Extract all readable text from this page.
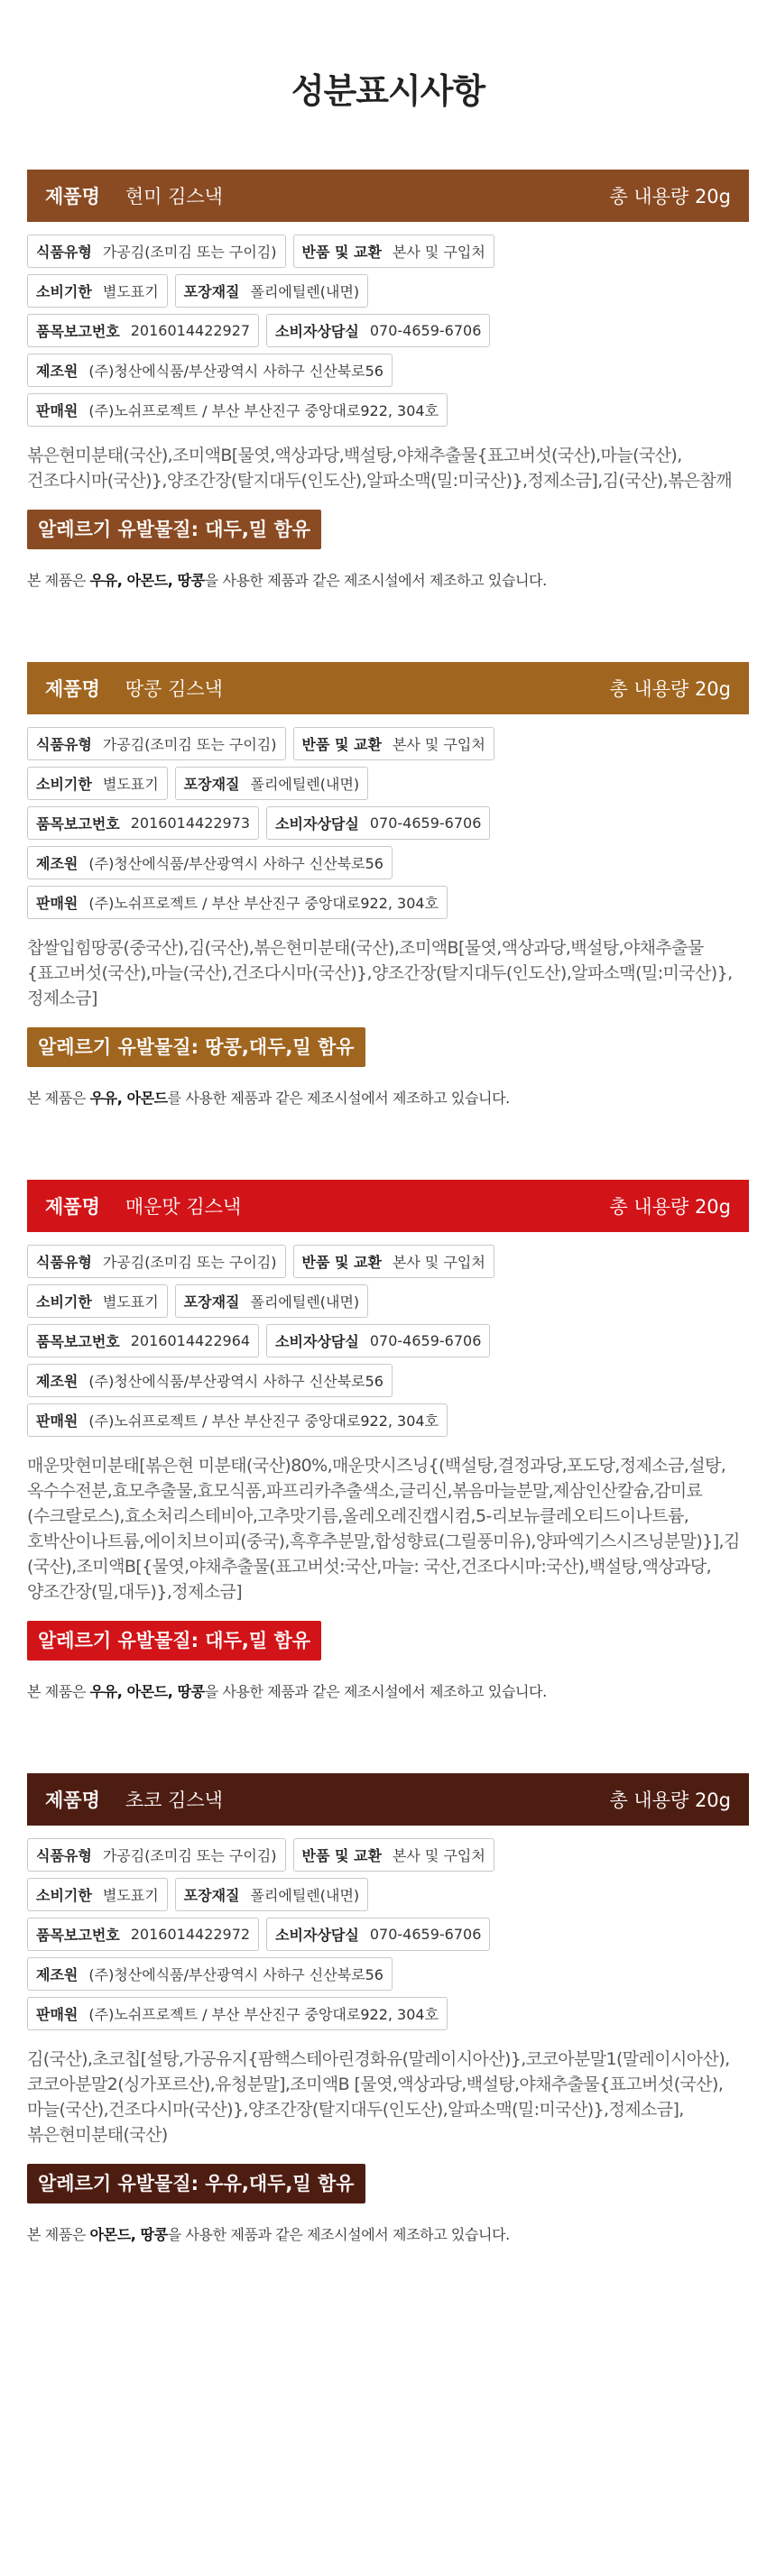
성분표시사항
제품명 현미 김스낵	총 내용량 20g
식품유형 가공김(조미김 또는 구이김) 반품 및 교환 본사 및 구입처
소비기한 별도표기 포장재질 폴리에틸렌(내면)
품목보고번호 2016014422927 소비자상담실 070-4659-6706
제조원 (주)청산에식품/부산광역시 사하구 신산북로56
판매원 (주)노쉬프로젝트 / 부산 부산진구 중앙대로922, 304호

볶은현미분태(국산),조미액B[물엿,액상과당,백설탕,야채추출물{표고버섯(국산),마늘(국산),건조다시마(국산)},양조간장(탈지대두(인도산),알파소맥(밀:미국산)},정제소금],김(국산),볶은참깨

알레르기 유발물질: 대두,밀 함유

본 제품은 우유, 아몬드, 땅콩을 사용한 제품과 같은 제조시설에서 제조하고 있습니다.

제품명 땅콩 김스낵	총 내용량 20g
식품유형 가공김(조미김 또는 구이김) 반품 및 교환 본사 및 구입처
소비기한 별도표기 포장재질 폴리에틸렌(내면)
품목보고번호 2016014422973 소비자상담실 070-4659-6706
제조원 (주)청산에식품/부산광역시 사하구 신산북로56
판매원 (주)노쉬프로젝트 / 부산 부산진구 중앙대로922, 304호

찹쌀입힘땅콩(중국산),김(국산),볶은현미분태(국산),조미액B[물엿,액상과당,백설탕,야채추출물{표고버섯(국산),마늘(국산),건조다시마(국산)},양조간장(탈지대두(인도산),알파소맥(밀:미국산)},정제소금]

알레르기 유발물질: 땅콩,대두,밀 함유

본 제품은 우유, 아몬드를 사용한 제품과 같은 제조시설에서 제조하고 있습니다.

제품명 매운맛 김스낵	총 내용량 20g
식품유형 가공김(조미김 또는 구이김) 반품 및 교환 본사 및 구입처
소비기한 별도표기 포장재질 폴리에틸렌(내면)
품목보고번호 2016014422964 소비자상담실 070-4659-6706
제조원 (주)청산에식품/부산광역시 사하구 신산북로56
판매원 (주)노쉬프로젝트 / 부산 부산진구 중앙대로922, 304호

매운맛현미분태[볶은현 미분태(국산)80%,매운맛시즈닝{(백설탕,결정과당,포도당,정제소금,설탕,옥수수전분,효모추출물,효모식품,파프리카추출색소,글리신,볶음마늘분말,제삼인산칼슘,감미료(수크랄로스),효소처리스테비아,고추맛기름,올레오레진캡시컴,5-리보뉴클레오티드이나트륨,호박산이나트륨,에이치브이피(중국),흑후추분말,합성향료(그릴풍미유),양파엑기스시즈닝분말)}],김(국산),조미액B[{물엿,야채추출물(표고버섯:국산,마늘: 국산,건조다시마:국산),백설탕,액상과당,양조간장(밀,대두)},정제소금]

알레르기 유발물질: 대두,밀 함유

본 제품은 우유, 아몬드, 땅콩을 사용한 제품과 같은 제조시설에서 제조하고 있습니다.

제품명 초코 김스낵	총 내용량 20g
식품유형 가공김(조미김 또는 구이김) 반품 및 교환 본사 및 구입처
소비기한 별도표기 포장재질 폴리에틸렌(내면)
품목보고번호 2016014422972 소비자상담실 070-4659-6706
제조원 (주)청산에식품/부산광역시 사하구 신산북로56
판매원 (주)노쉬프로젝트 / 부산 부산진구 중앙대로922, 304호

김(국산),초코칩[설탕,가공유지{팜핵스테아린경화유(말레이시아산)},코코아분말1(말레이시아산),코코아분말2(싱가포르산),유청분말],조미액B [물엿,액상과당,백설탕,야채추출물{표고버섯(국산),마늘(국산),건조다시마(국산)},양조간장(탈지대두(인도산),알파소맥(밀:미국산)},정제소금],볶은현미분태(국산)

알레르기 유발물질: 우유,대두,밀 함유

본 제품은 아몬드, 땅콩을 사용한 제품과 같은 제조시설에서 제조하고 있습니다.
